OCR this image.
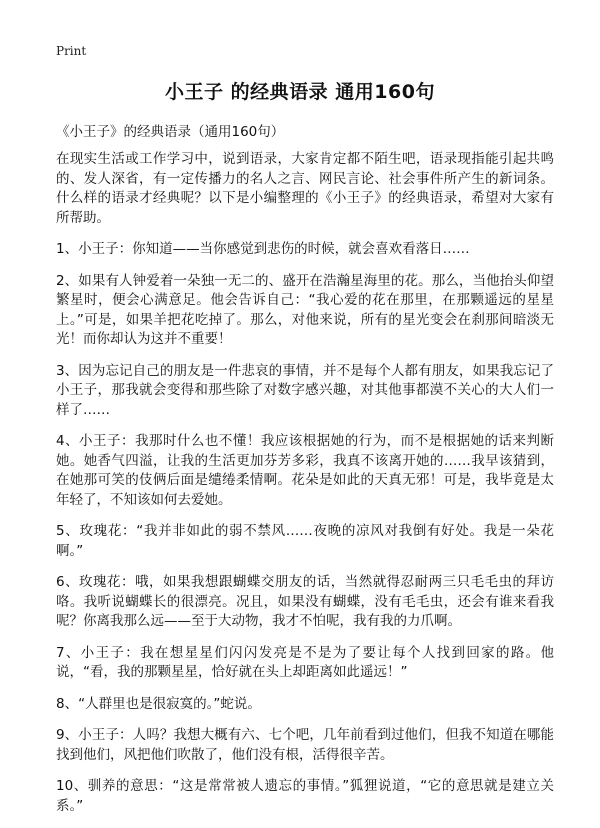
Print
小王子 的经典语录 通用160句
《小王子》的经典语录（通用160句）

在现实生活或工作学习中，说到语录，大家肯定都不陌生吧，语录现指能引起共鸣的、发人深省，有一定传播力的名人之言、网民言论、社会事件所产生的新词条。什么样的语录才经典呢？以下是小编整理的《小王子》的经典语录，希望对大家有所帮助。

1、小王子：你知道——当你感觉到悲伤的时候，就会喜欢看落日……

2、如果有人钟爱着一朵独一无二的、盛开在浩瀚星海里的花。那么，当他抬头仰望繁星时，便会心满意足。他会告诉自己：“我心爱的花在那里，在那颗遥远的星星上。”可是，如果羊把花吃掉了。那么，对他来说，所有的星光变会在刹那间暗淡无光！而你却认为这并不重要！

3、因为忘记自己的朋友是一件悲哀的事情，并不是每个人都有朋友，如果我忘记了小王子，那我就会变得和那些除了对数字感兴趣，对其他事都漠不关心的大人们一样了……

4、小王子：我那时什么也不懂！我应该根据她的行为，而不是根据她的话来判断她。她香气四溢，让我的生活更加芬芳多彩，我真不该离开她的……我早该猜到，在她那可笑的伎俩后面是缱绻柔情啊。花朵是如此的天真无邪！可是，我毕竟是太年轻了，不知该如何去爱她。

5、玫瑰花：“我并非如此的弱不禁风……夜晚的凉风对我倒有好处。我是一朵花啊。”

6、玫瑰花：哦，如果我想跟蝴蝶交朋友的话，当然就得忍耐两三只毛毛虫的拜访咯。我听说蝴蝶长的很漂亮。况且，如果没有蝴蝶，没有毛毛虫，还会有谁来看我呢？你离我那么远——至于大动物，我才不怕呢，我有我的力爪啊。

7、小王子：我在想星星们闪闪发亮是不是为了要让每个人找到回家的路。他说，“看，我的那颗星星，恰好就在头上却距离如此遥远！”

8、“人群里也是很寂寞的。”蛇说。

9、小王子：人吗？我想大概有六、七个吧，几年前看到过他们，但我不知道在哪能找到他们，风把他们吹散了，他们没有根，活得很辛苦。

10、驯养的意思：“这是常常被人遗忘的事情。”狐狸说道，“它的意思就是建立关系。”
